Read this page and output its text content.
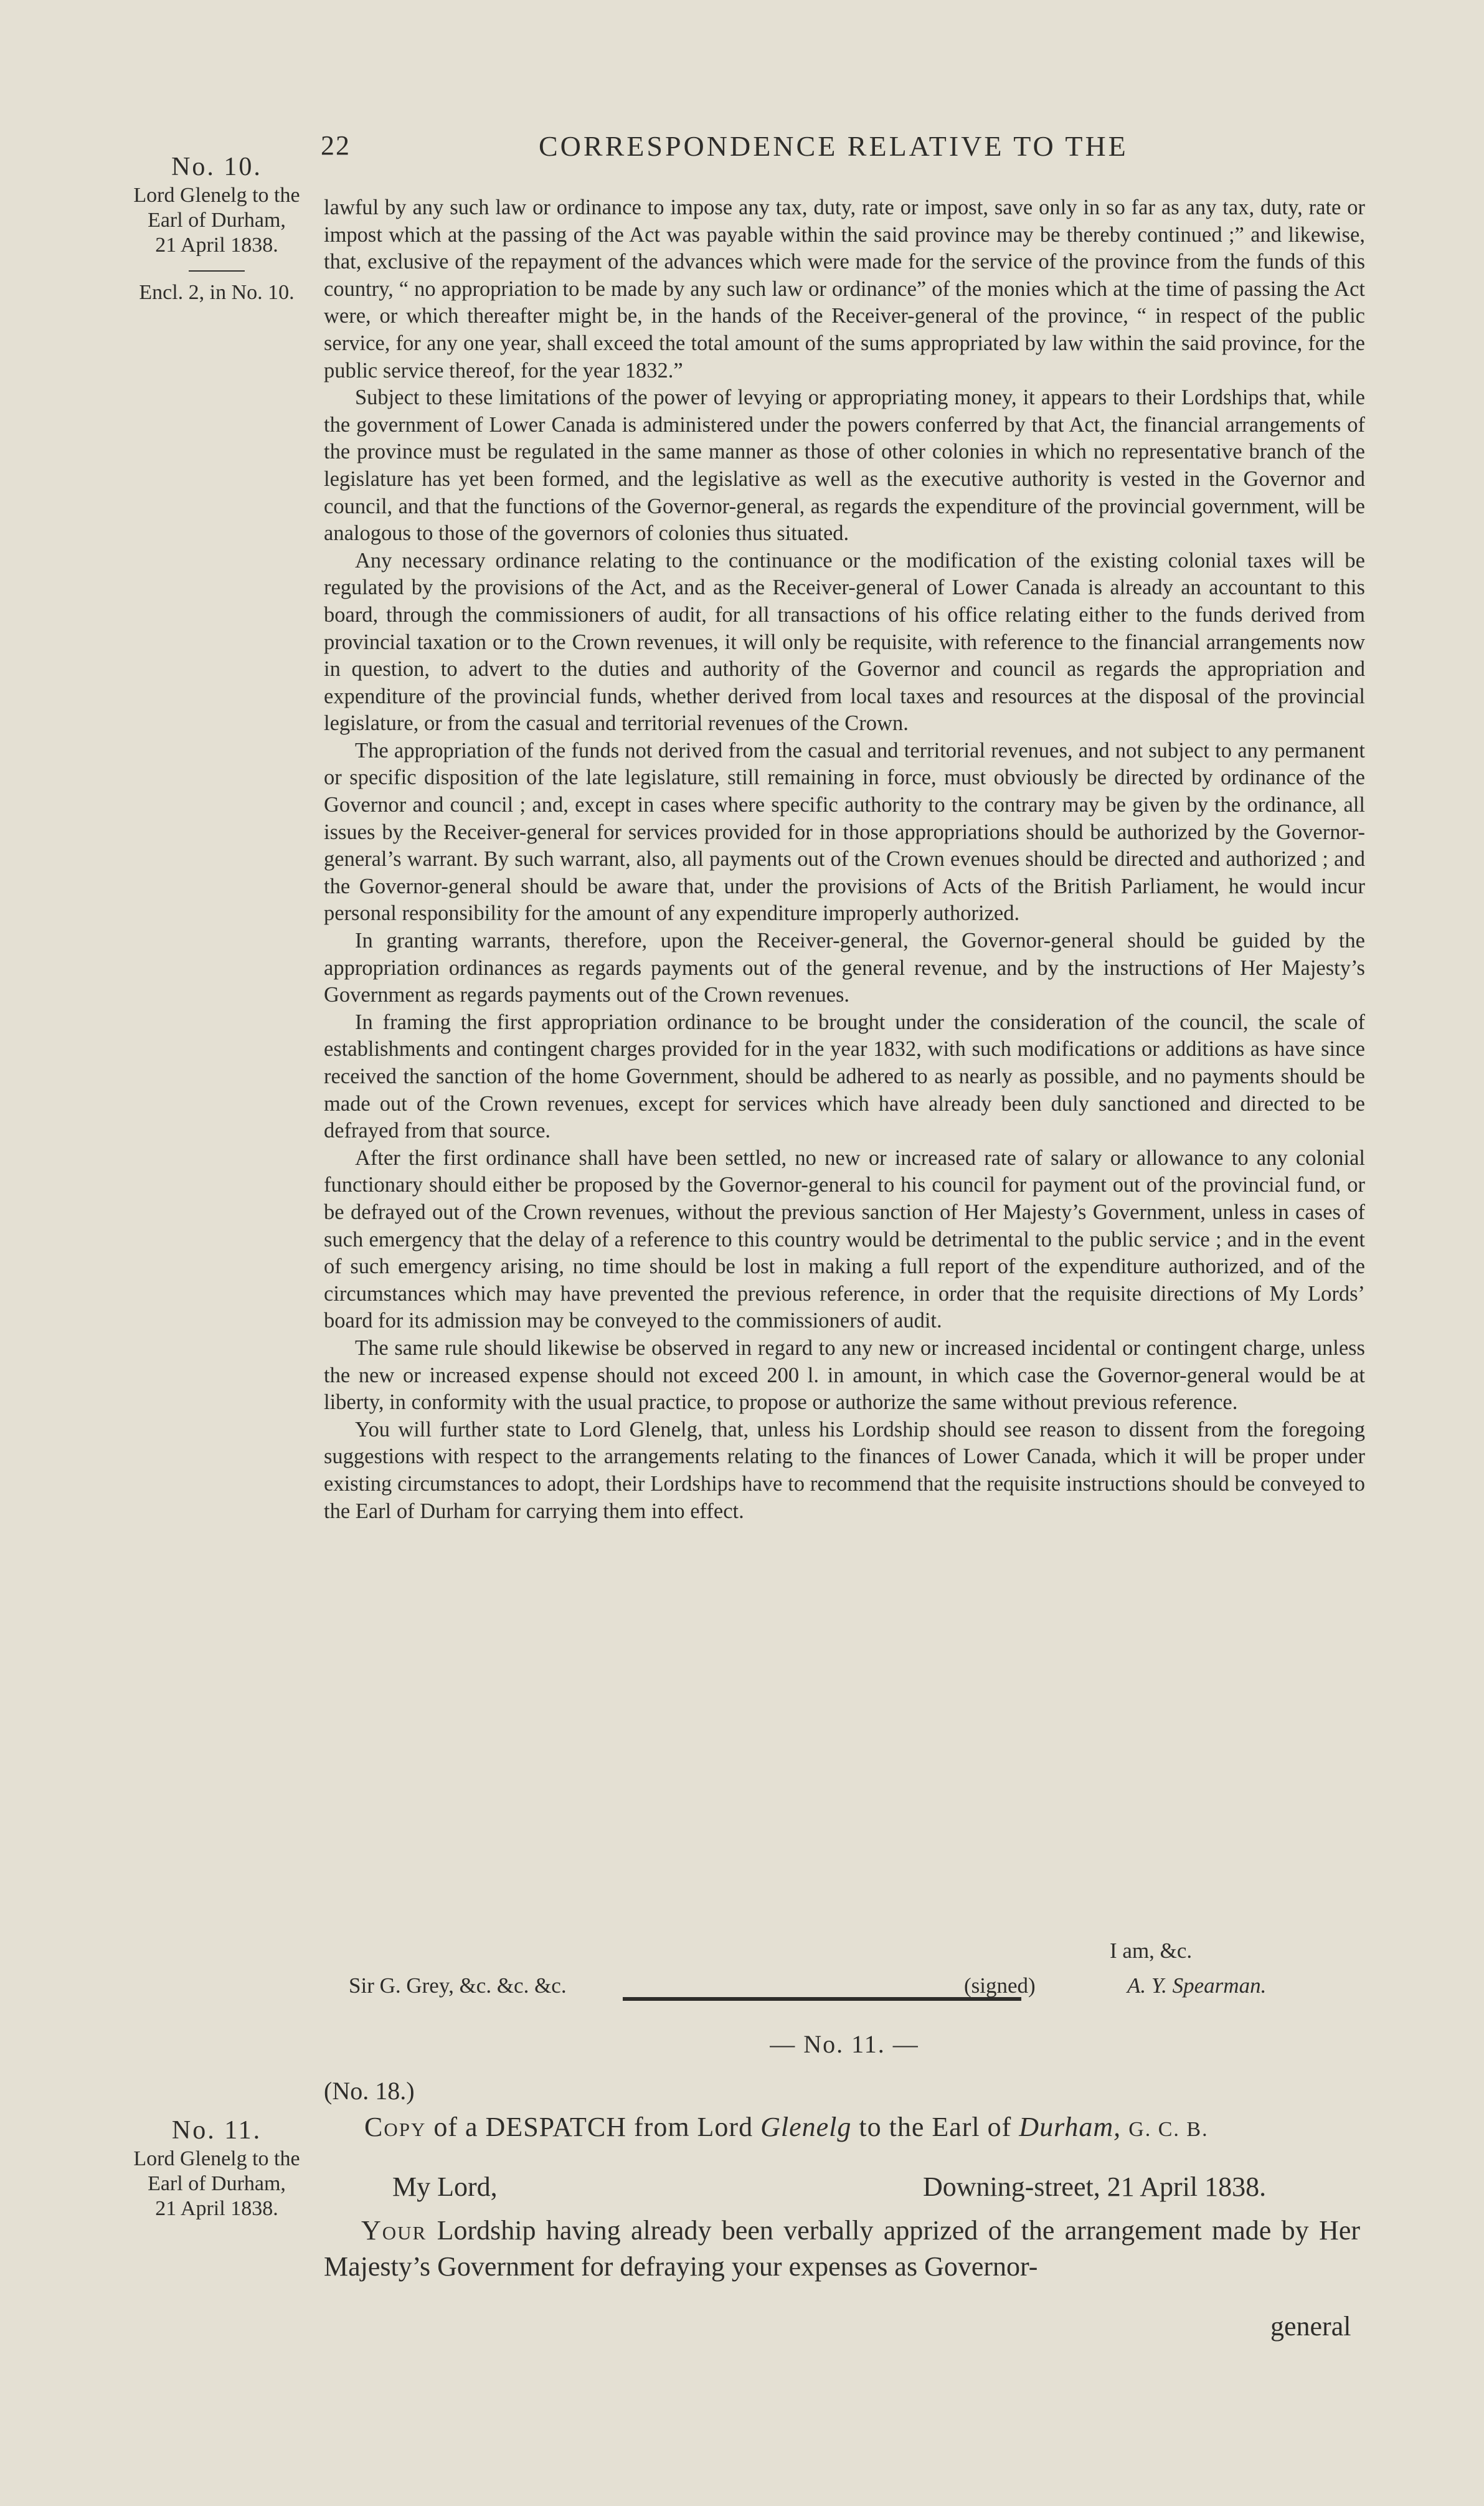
22	CORRESPONDENCE RELATIVE TO THE
No. 10.
Lord Glenelg to the
Earl of Durham,
21 April 1838.
Encl. 2, in No. 10.

lawful by any such law or ordinance to impose any tax, duty, rate or impost, save only in so far as any tax, duty, rate or impost which at the passing of the Act was payable within the said province may be thereby continued ;” and likewise, that, exclusive of the repayment of the advances which were made for the service of the province from the funds of this country, “ no appropriation to be made by any such law or ordinance” of the monies which at the time of passing the Act were, or which thereafter might be, in the hands of the Receiver-general of the province, “ in respect of the public service, for any one year, shall exceed the total amount of the sums appropriated by law within the said province, for the public service thereof, for the year 1832.”

Subject to these limitations of the power of levying or appropriating money, it appears to their Lordships that, while the government of Lower Canada is administered under the powers conferred by that Act, the financial arrangements of the province must be regulated in the same manner as those of other colonies in which no representative branch of the legislature has yet been formed, and the legislative as well as the executive authority is vested in the Governor and council, and that the functions of the Governor-general, as regards the expenditure of the provincial government, will be analogous to those of the governors of colonies thus situated.

Any necessary ordinance relating to the continuance or the modification of the existing colonial taxes will be regulated by the provisions of the Act, and as the Receiver-general of Lower Canada is already an accountant to this board, through the commissioners of audit, for all transactions of his office relating either to the funds derived from provincial taxation or to the Crown revenues, it will only be requisite, with reference to the financial arrangements now in question, to advert to the duties and authority of the Governor and council as regards the appropriation and expenditure of the provincial funds, whether derived from local taxes and resources at the disposal of the provincial legislature, or from the casual and territorial revenues of the Crown.

The appropriation of the funds not derived from the casual and territorial revenues, and not subject to any permanent or specific disposition of the late legislature, still remaining in force, must obviously be directed by ordinance of the Governor and council ; and, except in cases where specific authority to the contrary may be given by the ordinance, all issues by the Receiver-general for services provided for in those appropriations should be authorized by the Governor-general’s warrant. By such warrant, also, all payments out of the Crown evenues should be directed and authorized ; and the Governor-general should be aware that, under the provisions of Acts of the British Parliament, he would incur personal responsibility for the amount of any expenditure improperly authorized.

In granting warrants, therefore, upon the Receiver-general, the Governor-general should be guided by the appropriation ordinances as regards payments out of the general revenue, and by the instructions of Her Majesty’s Government as regards payments out of the Crown revenues.

In framing the first appropriation ordinance to be brought under the consideration of the council, the scale of establishments and contingent charges provided for in the year 1832, with such modifications or additions as have since received the sanction of the home Government, should be adhered to as nearly as possible, and no payments should be made out of the Crown revenues, except for services which have already been duly sanctioned and directed to be defrayed from that source.

After the first ordinance shall have been settled, no new or increased rate of salary or allowance to any colonial functionary should either be proposed by the Governor-general to his council for payment out of the provincial fund, or be defrayed out of the Crown revenues, without the previous sanction of Her Majesty’s Government, unless in cases of such emergency that the delay of a reference to this country would be detrimental to the public service ; and in the event of such emergency arising, no time should be lost in making a full report of the expenditure authorized, and of the circumstances which may have prevented the previous reference, in order that the requisite directions of My Lords’ board for its admission may be conveyed to the commissioners of audit.

The same rule should likewise be observed in regard to any new or increased incidental or contingent charge, unless the new or increased expense should not exceed 200 l. in amount, in which case the Governor-general would be at liberty, in conformity with the usual practice, to propose or authorize the same without previous reference.

You will further state to Lord Glenelg, that, unless his Lordship should see reason to dissent from the foregoing suggestions with respect to the arrangements relating to the finances of Lower Canada, which it will be proper under existing circumstances to adopt, their Lordships have to recommend that the requisite instructions should be conveyed to the Earl of Durham for carrying them into effect.

I am, &c.
Sir G. Grey, &c. &c. &c.	(signed)	A. Y. Spearman.
— No. 11. —
No. 11.
Lord Glenelg to the
Earl of Durham,
21 April 1838.
(No. 18.)
Copy of a DESPATCH from Lord Glenelg to the Earl of Durham, G. C. B.
My Lord,	Downing-street, 21 April 1838.
Your Lordship having already been verbally apprized of the arrangement made by Her Majesty’s Government for defraying your expenses as Governor-
general
